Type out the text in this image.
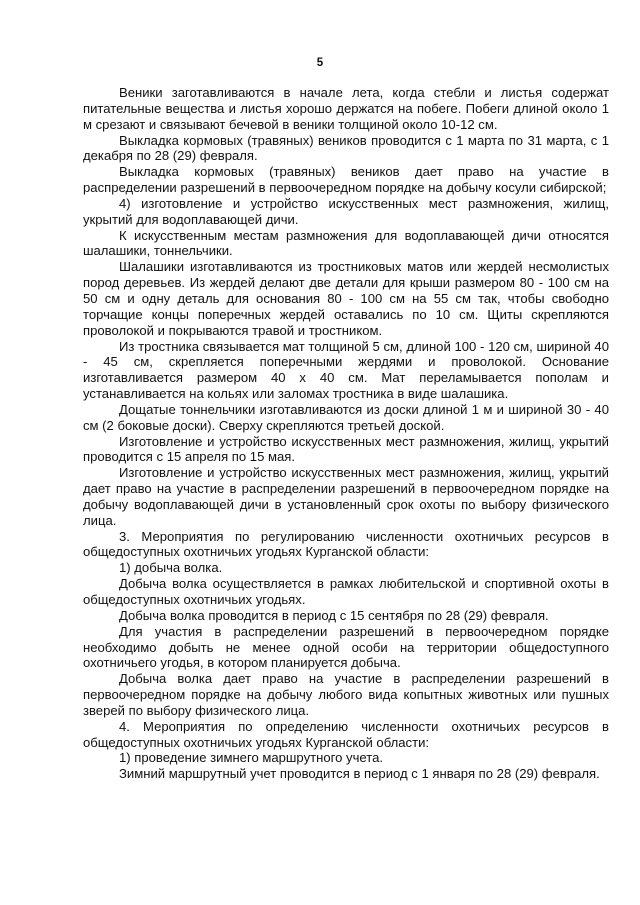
5

Веники заготавливаются в начале лета, когда стебли и листья содержат питательные вещества и листья хорошо держатся на побеге. Побеги длиной около 1 м срезают и связывают бечевой в веники толщиной около 10-12 см.

Выкладка кормовых (травяных) веников проводится с 1 марта по 31 марта, с 1 декабря по 28 (29) февраля.

Выкладка кормовых (травяных) веников дает право на участие в распределении разрешений в первоочередном порядке на добычу косули сибирской;

4) изготовление и устройство искусственных мест размножения, жилищ, укрытий для водоплавающей дичи.

К искусственным местам размножения для водоплавающей дичи относятся шалашики, тоннельчики.

Шалашики изготавливаются из тростниковых матов или жердей несмолистых пород деревьев. Из жердей делают две детали для крыши размером 80 - 100 см на 50 см и одну деталь для основания 80 - 100 см на 55 см так, чтобы свободно торчащие концы поперечных жердей оставались по 10 см. Щиты скрепляются проволокой и покрываются травой и тростником.

Из тростника связывается мат толщиной 5 см, длиной 100 - 120 см, шириной 40 - 45 см, скрепляется поперечными жердями и проволокой. Основание изготавливается размером 40 х 40 см. Мат переламывается пополам и устанавливается на кольях или заломах тростника в виде шалашика.

Дощатые тоннельчики изготавливаются из доски длиной 1 м и шириной 30 - 40 см (2 боковые доски). Сверху скрепляются третьей доской.

Изготовление и устройство искусственных мест размножения, жилищ, укрытий проводится с 15 апреля по 15 мая.

Изготовление и устройство искусственных мест размножения, жилищ, укрытий дает право на участие в распределении разрешений в первоочередном порядке на добычу водоплавающей дичи в установленный срок охоты по выбору физического лица.

3. Мероприятия по регулированию численности охотничьих ресурсов в общедоступных охотничьих угодьях Курганской области:

1) добыча волка.

Добыча волка осуществляется в рамках любительской и спортивной охоты в общедоступных охотничьих угодьях.

Добыча волка проводится в период с 15 сентября по 28 (29) февраля.

Для участия в распределении разрешений в первоочередном порядке необходимо добыть не менее одной особи на территории общедоступного охотничьего угодья, в котором планируется добыча.

Добыча волка дает право на участие в распределении разрешений в первоочередном порядке на добычу любого вида копытных животных или пушных зверей по выбору физического лица.

4. Мероприятия по определению численности охотничьих ресурсов в общедоступных охотничьих угодьях Курганской области:

1) проведение зимнего маршрутного учета.

Зимний маршрутный учет проводится в период с 1 января по 28 (29) февраля.
